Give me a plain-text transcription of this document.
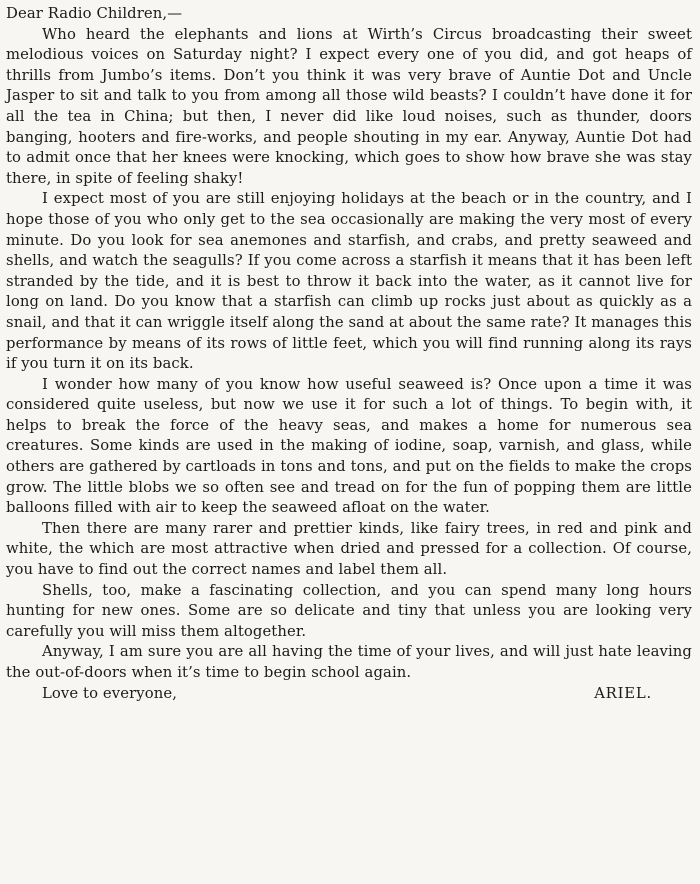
Dear Radio Children,—

Who heard the elephants and lions at Wirth’s Circus broadcasting their sweet melodious voices on Saturday night? I expect every one of you did, and got heaps of thrills from Jumbo’s items. Don’t you think it was very brave of Auntie Dot and Uncle Jasper to sit and talk to you from among all those wild beasts? I couldn’t have done it for all the tea in China; but then, I never did like loud noises, such as thunder, doors banging, hooters and fire-works, and people shouting in my ear. Anyway, Auntie Dot had to admit once that her knees were knocking, which goes to show how brave she was stay there, in spite of feeling shaky!

I expect most of you are still enjoying holidays at the beach or in the country, and I hope those of you who only get to the sea occasionally are making the very most of every minute. Do you look for sea anemones and starfish, and crabs, and pretty seaweed and shells, and watch the seagulls? If you come across a starfish it means that it has been left stranded by the tide, and it is best to throw it back into the water, as it cannot live for long on land. Do you know that a starfish can climb up rocks just about as quickly as a snail, and that it can wriggle itself along the sand at about the same rate? It manages this performance by means of its rows of little feet, which you will find running along its rays if you turn it on its back.

I wonder how many of you know how useful seaweed is? Once upon a time it was considered quite useless, but now we use it for such a lot of things. To begin with, it helps to break the force of the heavy seas, and makes a home for numerous sea creatures. Some kinds are used in the making of iodine, soap, varnish, and glass, while others are gathered by cartloads in tons and tons, and put on the fields to make the crops grow. The little blobs we so often see and tread on for the fun of popping them are little balloons filled with air to keep the seaweed afloat on the water.

Then there are many rarer and prettier kinds, like fairy trees, in red and pink and white, the which are most attractive when dried and pressed for a collection. Of course, you have to find out the correct names and label them all.

Shells, too, make a fascinating collection, and you can spend many long hours hunting for new ones. Some are so delicate and tiny that unless you are looking very carefully you will miss them altogether.

Anyway, I am sure you are all having the time of your lives, and will just hate leaving the out-of-doors when it’s time to begin school again.

Love to everyone,	ARIEL.
